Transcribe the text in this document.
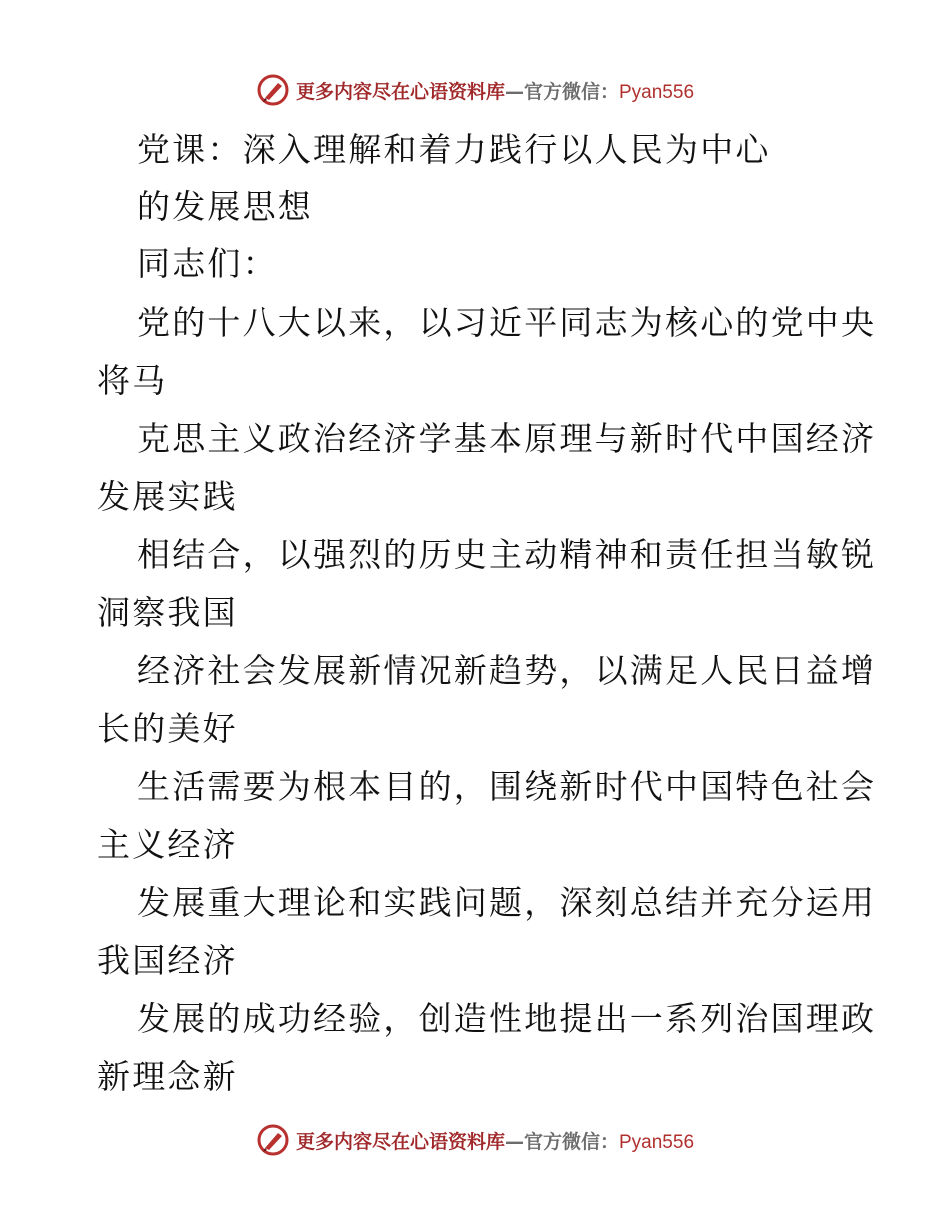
更多内容尽在心语资料库—官方微信：Pyan556
党课：深入理解和着力践行以人民为中心
的发展思想
同志们：
党的十八大以来，以习近平同志为核心的党中央
将马
克思主义政治经济学基本原理与新时代中国经济
发展实践
相结合，以强烈的历史主动精神和责任担当敏锐
洞察我国
经济社会发展新情况新趋势，以满足人民日益增
长的美好
生活需要为根本目的，围绕新时代中国特色社会
主义经济
发展重大理论和实践问题，深刻总结并充分运用
我国经济
发展的成功经验，创造性地提出一系列治国理政
新理念新
更多内容尽在心语资料库—官方微信：Pyan556
